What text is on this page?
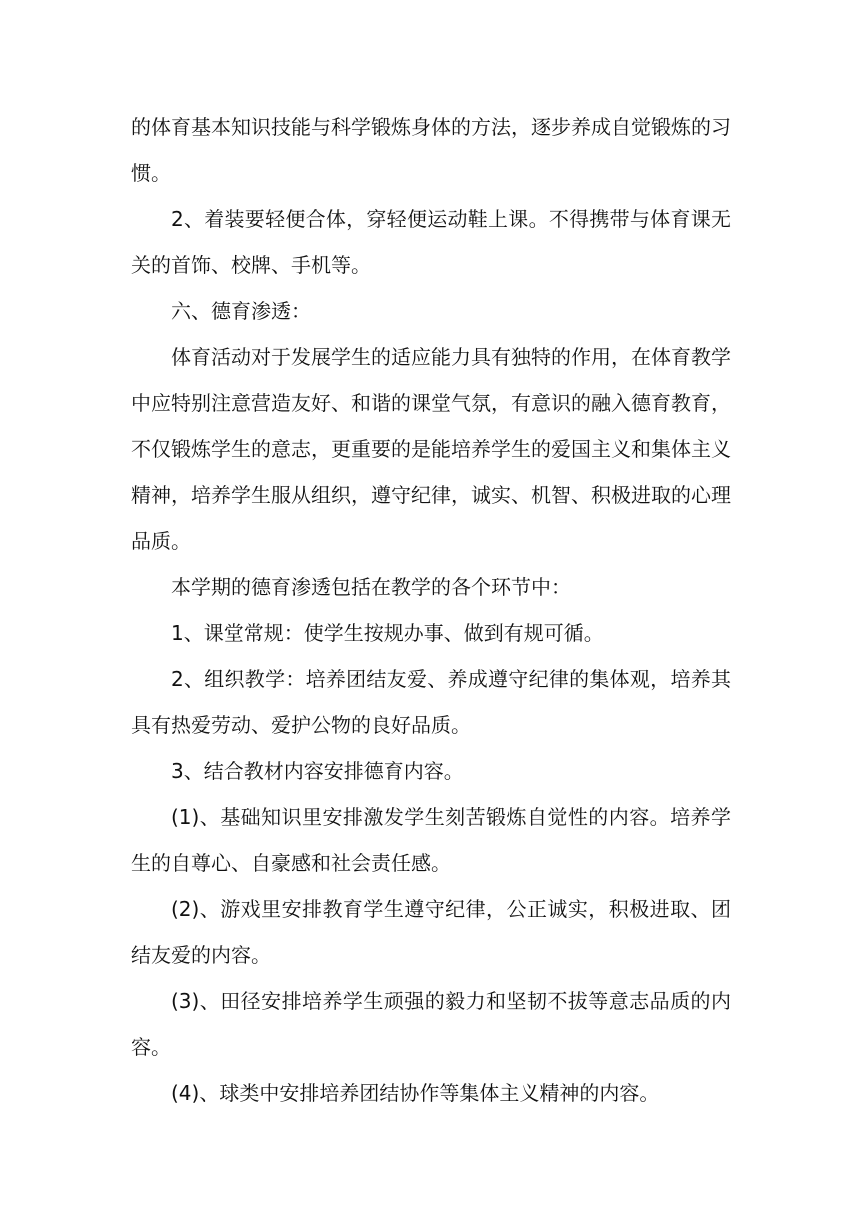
的体育基本知识技能与科学锻炼身体的方法，逐步养成自觉锻炼的习惯。

2、着装要轻便合体，穿轻便运动鞋上课。不得携带与体育课无关的首饰、校牌、手机等。

六、德育渗透：

体育活动对于发展学生的适应能力具有独特的作用，在体育教学中应特别注意营造友好、和谐的课堂气氛，有意识的融入德育教育，不仅锻炼学生的意志，更重要的是能培养学生的爱国主义和集体主义精神，培养学生服从组织，遵守纪律，诚实、机智、积极进取的心理品质。

本学期的德育渗透包括在教学的各个环节中：

1、课堂常规：使学生按规办事、做到有规可循。

2、组织教学：培养团结友爱、养成遵守纪律的集体观，培养其具有热爱劳动、爱护公物的良好品质。

3、结合教材内容安排德育内容。

(1)、基础知识里安排激发学生刻苦锻炼自觉性的内容。培养学生的自尊心、自豪感和社会责任感。

(2)、游戏里安排教育学生遵守纪律，公正诚实，积极进取、团结友爱的内容。

(3)、田径安排培养学生顽强的毅力和坚韧不拔等意志品质的内容。

(4)、球类中安排培养团结协作等集体主义精神的内容。
